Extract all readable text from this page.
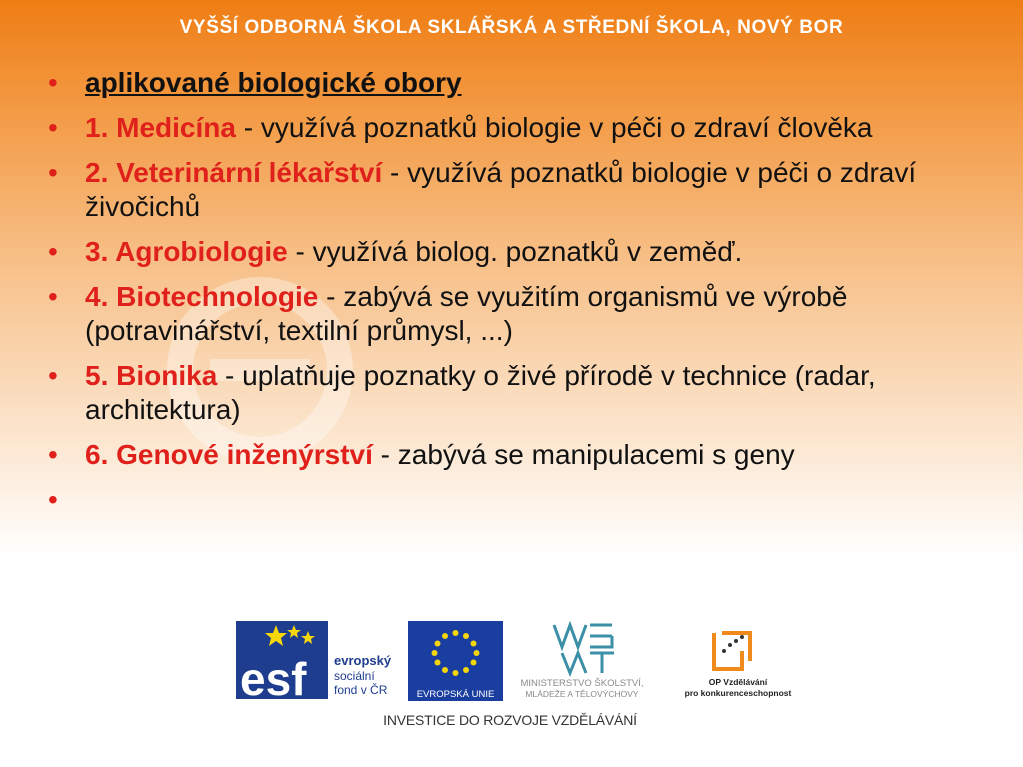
VYŠŠÍ ODBORNÁ ŠKOLA SKLÁŘSKÁ A STŘEDNÍ ŠKOLA, NOVÝ BOR
• aplikované biologické obory
• 1. Medicína - využívá poznatků biologie v péči o zdraví člověka
• 2. Veterinární lékařství - využívá poznatků biologie v péči o zdraví živočichů
• 3. Agrobiologie - využívá biolog. poznatků v zeměď.
• 4. Biotechnologie - zabývá se využitím organismů ve výrobě (potravinářství, textilní průmysl, ...)
• 5. Bionika - uplatňuje poznatky o živé přírodě v technice (radar, architektura)
• 6. Genové inženýrství - zabývá se manipulacemi s geny
•
esf evropský
sociální
fond v ČR	EVROPSKÁ UNIE
MINISTERSTVO ŠKOLSTVÍ,
MLÁDEŽE A TĚLOVÝCHOVY
OP Vzdělávání
pro konkurenceschopnost
INVESTICE DO ROZVOJE VZDĚLÁVÁNÍ
